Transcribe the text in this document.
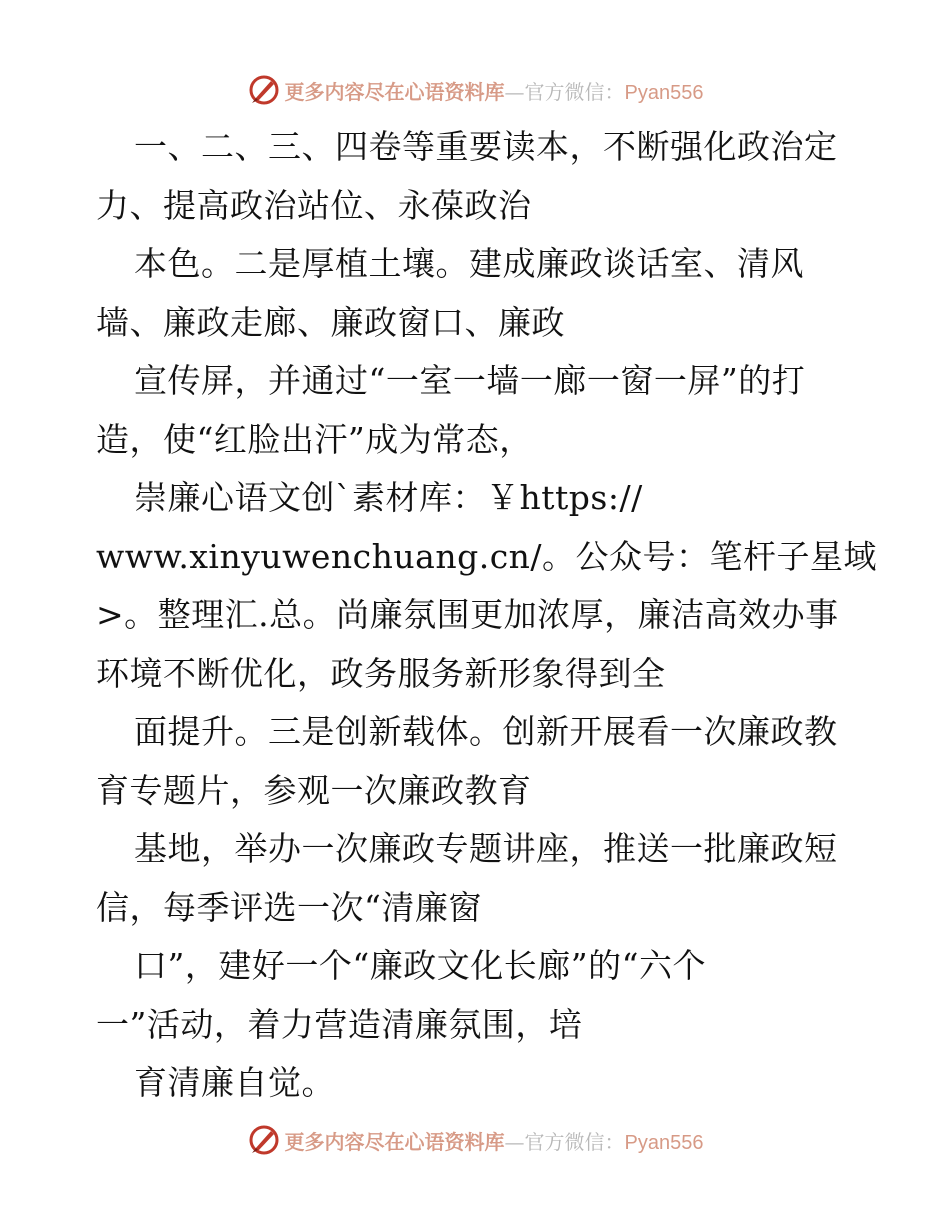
更多内容尽在心语资料库—官方微信：Pyan556
一、二、三、四卷等重要读本，不断强化政治定
力、提高政治站位、永葆政治
本色。二是厚植土壤。建成廉政谈话室、清风
墙、廉政走廊、廉政窗口、廉政
宣传屏，并通过“一室一墙一廊一窗一屏”的打
造，使“红脸出汗”成为常态，
崇廉心语文创`素材库：￥https://
www.xinyuwenchuang.cn/。公众号：笔杆子星域
>。整理汇.总。尚廉氛围更加浓厚，廉洁高效办事
环境不断优化，政务服务新形象得到全
面提升。三是创新载体。创新开展看一次廉政教
育专题片，参观一次廉政教育
基地，举办一次廉政专题讲座，推送一批廉政短
信，每季评选一次“清廉窗
口”，建好一个“廉政文化长廊”的“六个
一”活动，着力营造清廉氛围，培
育清廉自觉。
更多内容尽在心语资料库—官方微信：Pyan556
